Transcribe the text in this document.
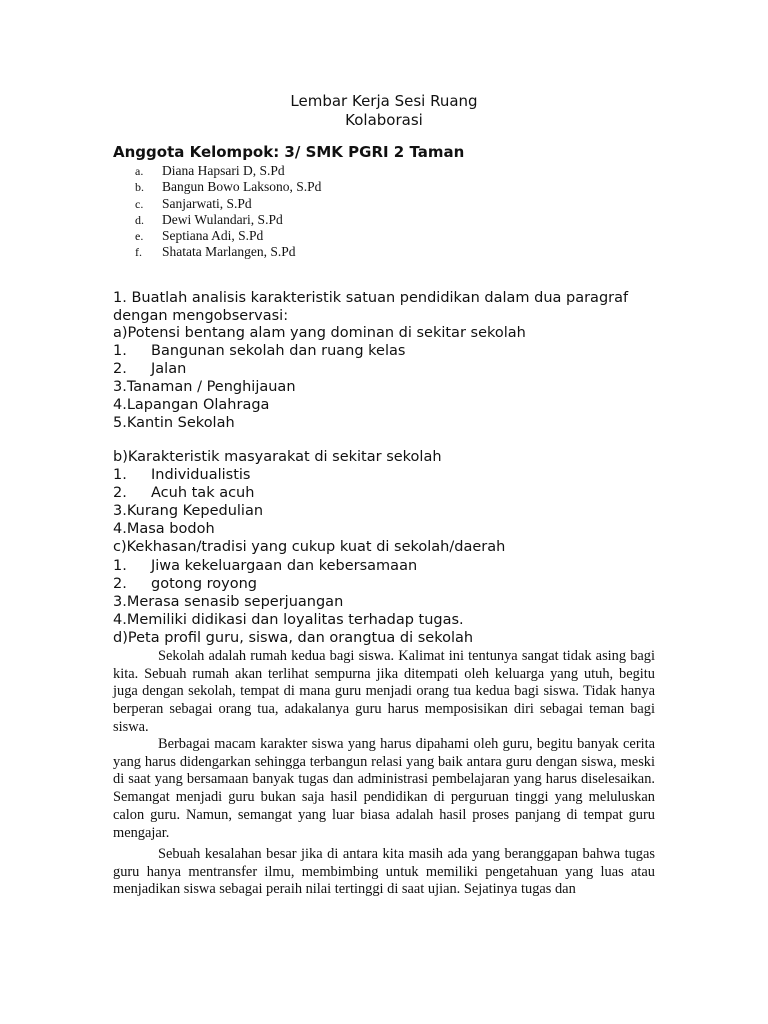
Lembar Kerja Sesi Ruang
Kolaborasi
Anggota Kelompok: 3/ SMK PGRI 2 Taman
a.	Diana Hapsari D, S.Pd
b.	Bangun Bowo Laksono, S.Pd
c.	Sanjarwati, S.Pd
d.	Dewi Wulandari, S.Pd
e.	Septiana Adi, S.Pd
f.	Shatata Marlangen, S.Pd

1. Buatlah analisis karakteristik satuan pendidikan dalam dua paragraf dengan mengobservasi:

a)Potensi bentang alam yang dominan di sekitar sekolah
1. Bangunan sekolah dan ruang kelas
2. Jalan
3.Tanaman / Penghijauan
4.Lapangan Olahraga
5.Kantin Sekolah
b)Karakteristik masyarakat di sekitar sekolah
1. Individualistis
2. Acuh tak acuh
3.Kurang Kepedulian
4.Masa bodoh
c)Kekhasan/tradisi yang cukup kuat di sekolah/daerah
1. Jiwa kekeluargaan dan kebersamaan
2. gotong royong
3.Merasa senasib seperjuangan
4.Memiliki didikasi dan loyalitas terhadap tugas.
d)Peta profil guru, siswa, dan orangtua di sekolah

Sekolah adalah rumah kedua bagi siswa. Kalimat ini tentunya sangat tidak asing bagi kita. Sebuah rumah akan terlihat sempurna jika ditempati oleh keluarga yang utuh, begitu juga dengan sekolah, tempat di mana guru menjadi orang tua kedua bagi siswa. Tidak hanya berperan sebagai orang tua, adakalanya guru harus memposisikan diri sebagai teman bagi siswa.

Berbagai macam karakter siswa yang harus dipahami oleh guru, begitu banyak cerita yang harus didengarkan sehingga terbangun relasi yang baik antara guru dengan siswa, meski di saat yang bersamaan banyak tugas dan administrasi pembelajaran yang harus diselesaikan. Semangat menjadi guru bukan saja hasil pendidikan di perguruan tinggi yang meluluskan calon guru. Namun, semangat yang luar biasa adalah hasil proses panjang di tempat guru mengajar.

Sebuah kesalahan besar jika di antara kita masih ada yang beranggapan bahwa tugas guru hanya mentransfer ilmu, membimbing untuk memiliki pengetahuan yang luas atau menjadikan siswa sebagai peraih nilai tertinggi di saat ujian. Sejatinya tugas dan
